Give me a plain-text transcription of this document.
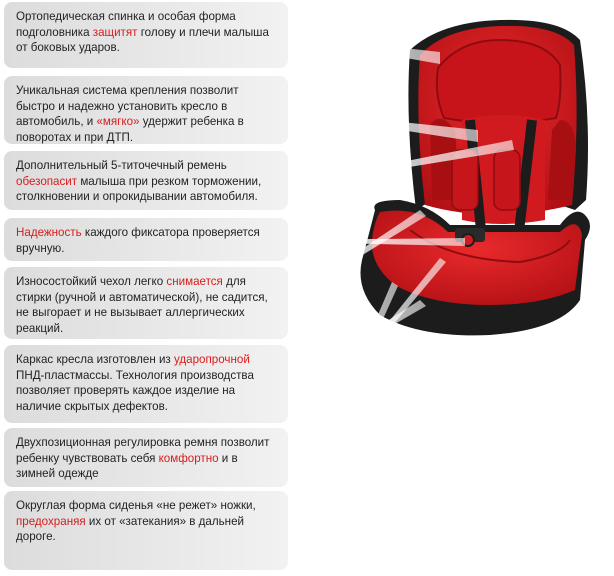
Ортопедическая спинка и особая форма подголовника защитят голову и плечи малыша от боковых ударов.
Уникальная система крепления позволит быстро и надежно установить кресло в автомобиль, и «мягко» удержит ребенка в поворотах и при ДТП.
Дополнительный 5-титочечный ремень обезопасит малыша при резком торможении, столкновении и опрокидывании автомобиля.
Надежность каждого фиксатора проверяется вручную.
Износостойкий чехол легко снимается для стирки (ручной и автоматической), не садится, не выгорает и не вызывает аллергических реакций.
Каркас кресла изготовлен из ударопрочной ПНД-пластмассы. Технология производства позволяет проверять каждое изделие на наличие скрытых дефектов.
Двухпозиционная регулировка ремня позволит ребенку чувствовать себя комфортно и в зимней одежде
Округлая форма сиденья «не режет» ножки, предохраняя их от «затекания» в дальней дороге.
